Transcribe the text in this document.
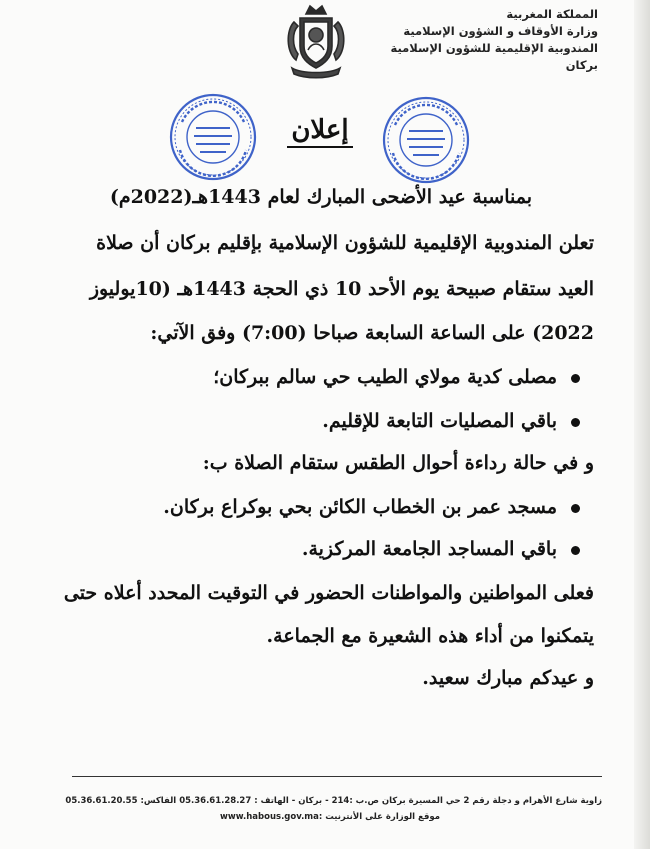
المملكة المغربية
وزارة الأوقاف و الشؤون الإسلامية
المندوبية الإقليمية للشؤون الإسلامية
بركان
إعلان
بمناسبة عيد الأضحى المبارك لعام 1443هـ(2022م)
تعلن المندوبية الإقليمية للشؤون الإسلامية بإقليم بركان أن صلاة
العيد ستقام صبيحة يوم الأحد 10 ذي الحجة 1443هـ (10يوليوز
2022) على الساعة السابعة صباحا (7:00) وفق الآتي:
مصلى كدية مولاي الطيب حي سالم ببركان؛
باقي المصليات التابعة للإقليم.
و في حالة رداءة أحوال الطقس ستقام الصلاة ب:
مسجد عمر بن الخطاب الكائن بحي بوكراع بركان.
باقي المساجد الجامعة المركزية.
فعلى المواطنين والمواطنات الحضور في التوقيت المحدد أعلاه حتى
يتمكنوا من أداء هذه الشعيرة مع الجماعة.
و عيدكم مبارك سعيد.
زاوية شارع الأهرام و دجلة رقم 2 حي المسيرة بركان ص.ب :214 - بركان - الهاتف : 05.36.61.28.27 الفاكس: 05.36.61.20.55
موقع الوزارة على الأنترنيت :www.habous.gov.ma
